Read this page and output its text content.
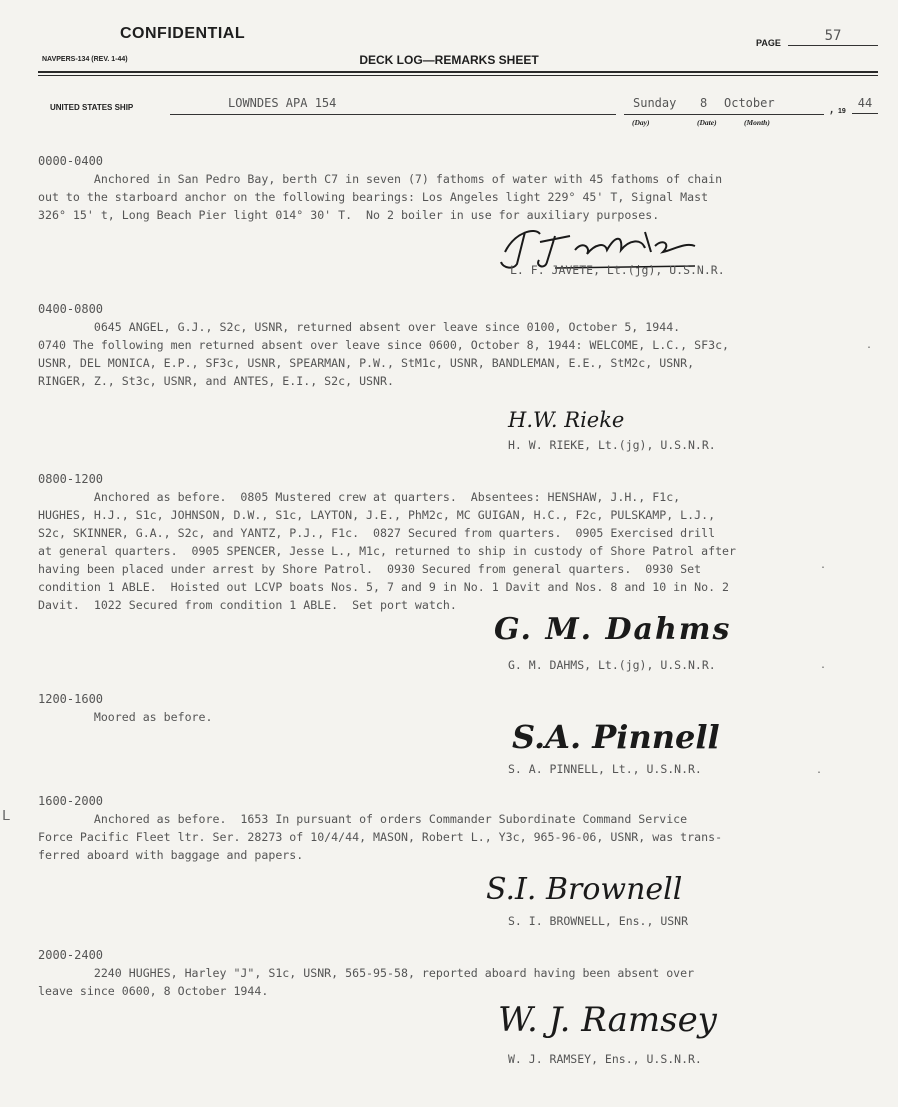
CONFIDENTIAL
PAGE	57
NAVPERS-134 (REV. 1-44)	DECK LOG—REMARKS SHEET
UNITED STATES SHIP	LOWNDES APA 154	Sunday 8 October	, 19
44
(Day)	(Date)	(Month)
0000-0400
Anchored in San Pedro Bay, berth C7 in seven (7) fathoms of water with 45 fathoms of chain
out to the starboard anchor on the following bearings: Los Angeles light 229° 45' T, Signal Mast
326° 15' t, Long Beach Pier light 014° 30' T.  No 2 boiler in use for auxiliary purposes.
L. F. JAVETE, Lt.(jg), U.S.N.R.
0400-0800
0645 ANGEL, G.J., S2c, USNR, returned absent over leave since 0100, October 5, 1944.
0740 The following men returned absent over leave since 0600, October 8, 1944: WELCOME, L.C., SF3c,
USNR, DEL MONICA, E.P., SF3c, USNR, SPEARMAN, P.W., StM1c, USNR, BANDLEMAN, E.E., StM2c, USNR,
RINGER, Z., St3c, USNR, and ANTES, E.I., S2c, USNR.
H.W. Rieke
H. W. RIEKE, Lt.(jg), U.S.N.R.
0800-1200
Anchored as before.  0805 Mustered crew at quarters.  Absentees: HENSHAW, J.H., F1c,
HUGHES, H.J., S1c, JOHNSON, D.W., S1c, LAYTON, J.E., PhM2c, MC GUIGAN, H.C., F2c, PULSKAMP, L.J.,
S2c, SKINNER, G.A., S2c, and YANTZ, P.J., F1c.  0827 Secured from quarters.  0905 Exercised drill
at general quarters.  0905 SPENCER, Jesse L., M1c, returned to ship in custody of Shore Patrol after
having been placed under arrest by Shore Patrol.  0930 Secured from general quarters.  0930 Set
condition 1 ABLE.  Hoisted out LCVP boats Nos. 5, 7 and 9 in No. 1 Davit and Nos. 8 and 10 in No. 2
Davit.  1022 Secured from condition 1 ABLE.  Set port watch.
G. M. Dahms
G. M. DAHMS, Lt.(jg), U.S.N.R.
1200-1600
Moored as before.
S.A. Pinnell
S. A. PINNELL, Lt., U.S.N.R.
1600-2000
Anchored as before.  1653 In pursuant of orders Commander Subordinate Command Service
Force Pacific Fleet ltr. Ser. 28273 of 10/4/44, MASON, Robert L., Y3c, 965-96-06, USNR, was trans-
ferred aboard with baggage and papers.
S.I. Brownell
S. I. BROWNELL, Ens., USNR
2000-2400
2240 HUGHES, Harley "J", S1c, USNR, 565-95-58, reported aboard having been absent over
leave since 0600, 8 October 1944.
W. J. Ramsey
W. J. RAMSEY, Ens., U.S.N.R.
.
.
.
.
ᒪ
